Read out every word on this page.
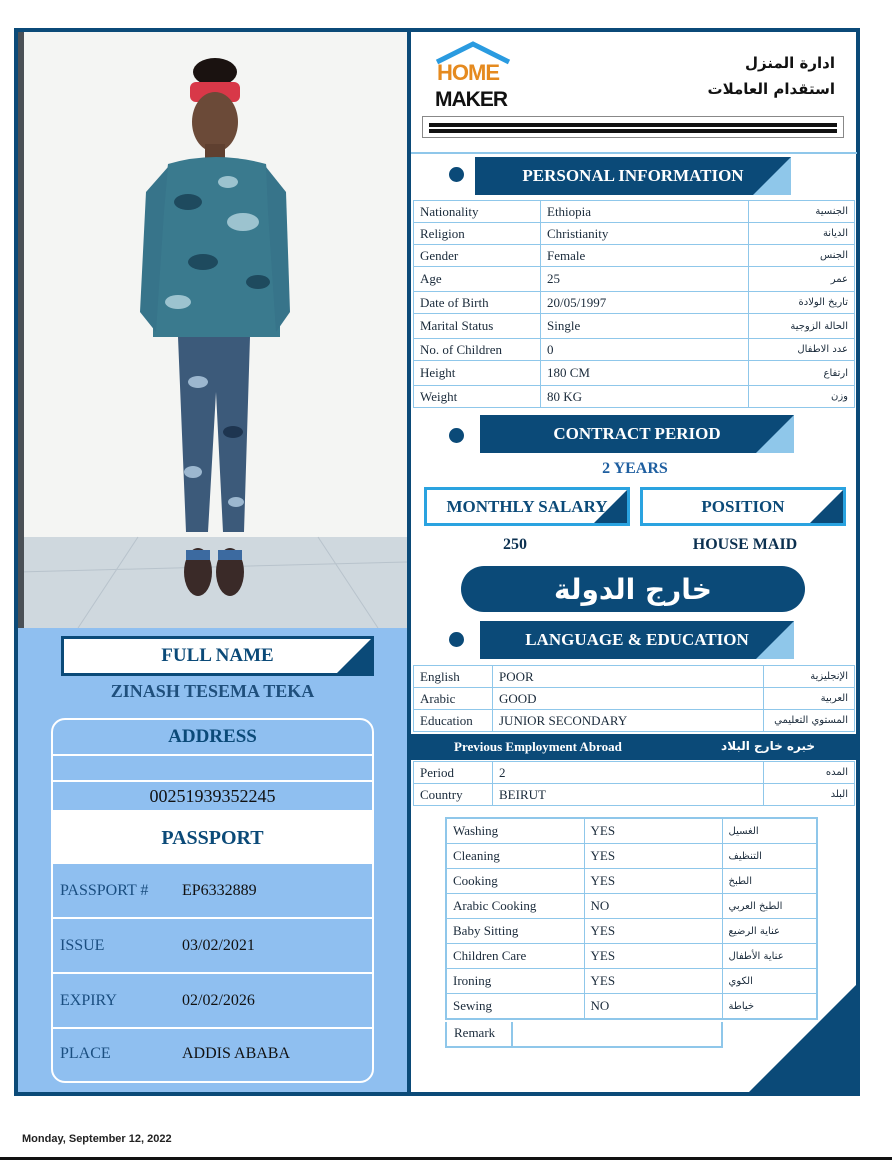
FULL NAME
ZINASH TESEMA TEKA
ADDRESS
00251939352245
PASSPORT
PASSPORT #	EP6332889
ISSUE	03/02/2021
EXPIRY	02/02/2026
PLACE	ADDIS ABABA
HOME
MAKER
ادارة المنزل
استقدام العاملات
PERSONAL INFORMATION
Nationality	Ethiopia	الجنسية
Religion	Christianity	الديانة
Gender	Female	الجنس
Age	25	عمر
Date of Birth	20/05/1997	تاريخ الولادة
Marital Status	Single	الحالة الزوجية
No. of Children	0	عدد الاطفال
Height	180 CM	ارتفاع
Weight	80 KG	وزن
CONTRACT PERIOD
2 YEARS
MONTHLY SALARY	POSITION
250	HOUSE MAID
خارج الدولة
LANGUAGE & EDUCATION
English	POOR	الإنجليزية
Arabic	GOOD	العربية
Education	JUNIOR SECONDARY	المستوي التعليمي
Previous Employment Abroad	خبره خارج البلاد
Period	2	المده
Country	BEIRUT	البلد
Washing	YES	الغسيل
Cleaning	YES	التنظيف
Cooking	YES	الطبخ
Arabic Cooking	NO	الطبخ العربي
Baby Sitting	YES	عناية الرضيع
Children Care	YES	عناية الأطفال
Ironing	YES	الكوي
Sewing	NO	خياطة
Remark
Monday, September 12, 2022
